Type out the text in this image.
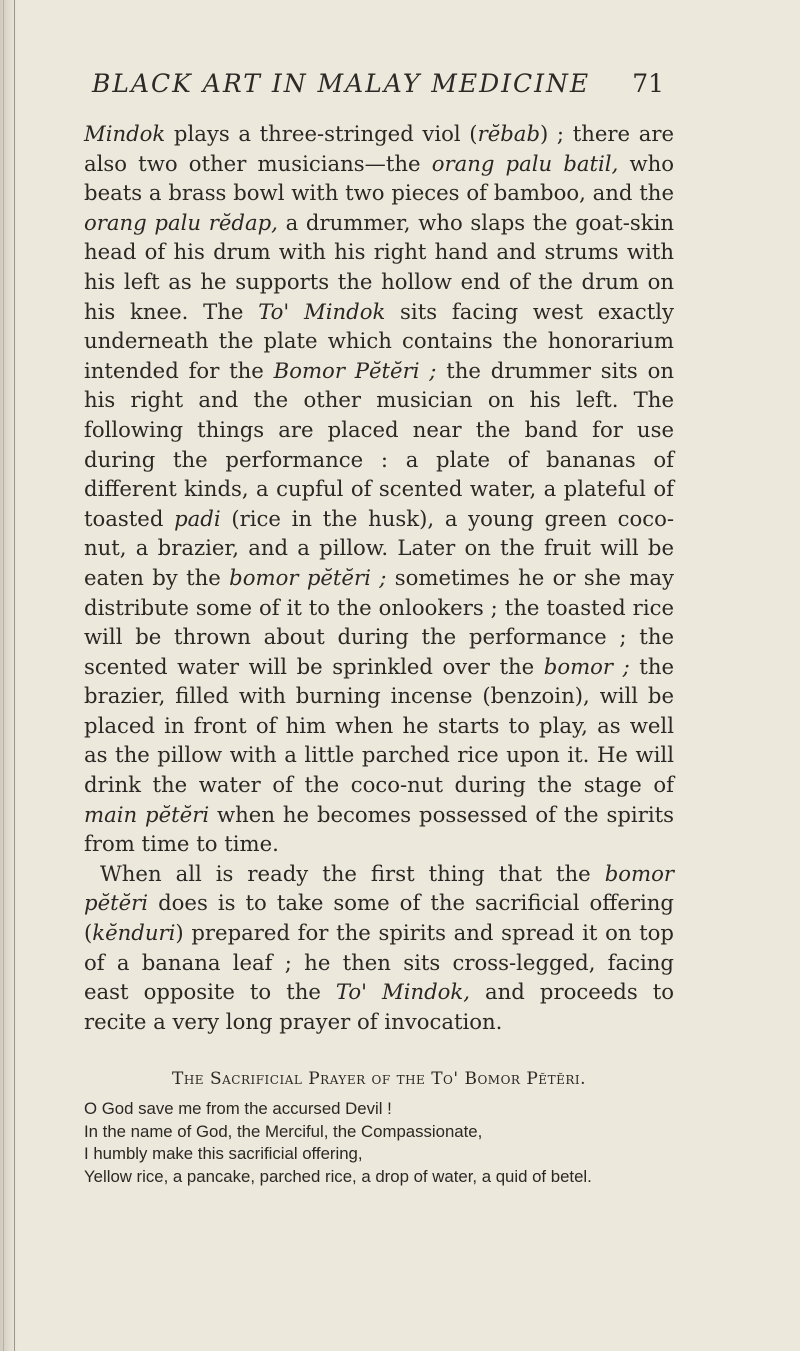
BLACK ART IN MALAY MEDICINE 71

Mindok plays a three-stringed viol (rĕbab) ; there are also two other musicians—the orang palu batil, who beats a brass bowl with two pieces of bamboo, and the orang palu rĕdap, a drummer, who slaps the goat-skin head of his drum with his right hand and strums with his left as he supports the hollow end of the drum on his knee. The To' Mindok sits facing west exactly underneath the plate which contains the honorarium intended for the Bomor Pĕtĕri ; the drummer sits on his right and the other musician on his left. The following things are placed near the band for use during the performance : a plate of bananas of different kinds, a cupful of scented water, a plateful of toasted padi (rice in the husk), a young green coco-nut, a brazier, and a pillow. Later on the fruit will be eaten by the bomor pĕtĕri ; sometimes he or she may distribute some of it to the onlookers ; the toasted rice will be thrown about during the performance ; the scented water will be sprinkled over the bomor ; the brazier, filled with burning incense (benzoin), will be placed in front of him when he starts to play, as well as the pillow with a little parched rice upon it. He will drink the water of the coco-nut during the stage of main pĕtĕri when he becomes possessed of the spirits from time to time.

When all is ready the first thing that the bomor pĕtĕri does is to take some of the sacrificial offering (kĕnduri) prepared for the spirits and spread it on top of a banana leaf ; he then sits cross-legged, facing east opposite to the To' Mindok, and proceeds to recite a very long prayer of invocation.

The Sacrificial Prayer of the To' Bomor Pĕtĕri.
O God save me from the accursed Devil !
In the name of God, the Merciful, the Compassionate,
I humbly make this sacrificial offering,
Yellow rice, a pancake, parched rice, a drop of water, a quid of betel.
